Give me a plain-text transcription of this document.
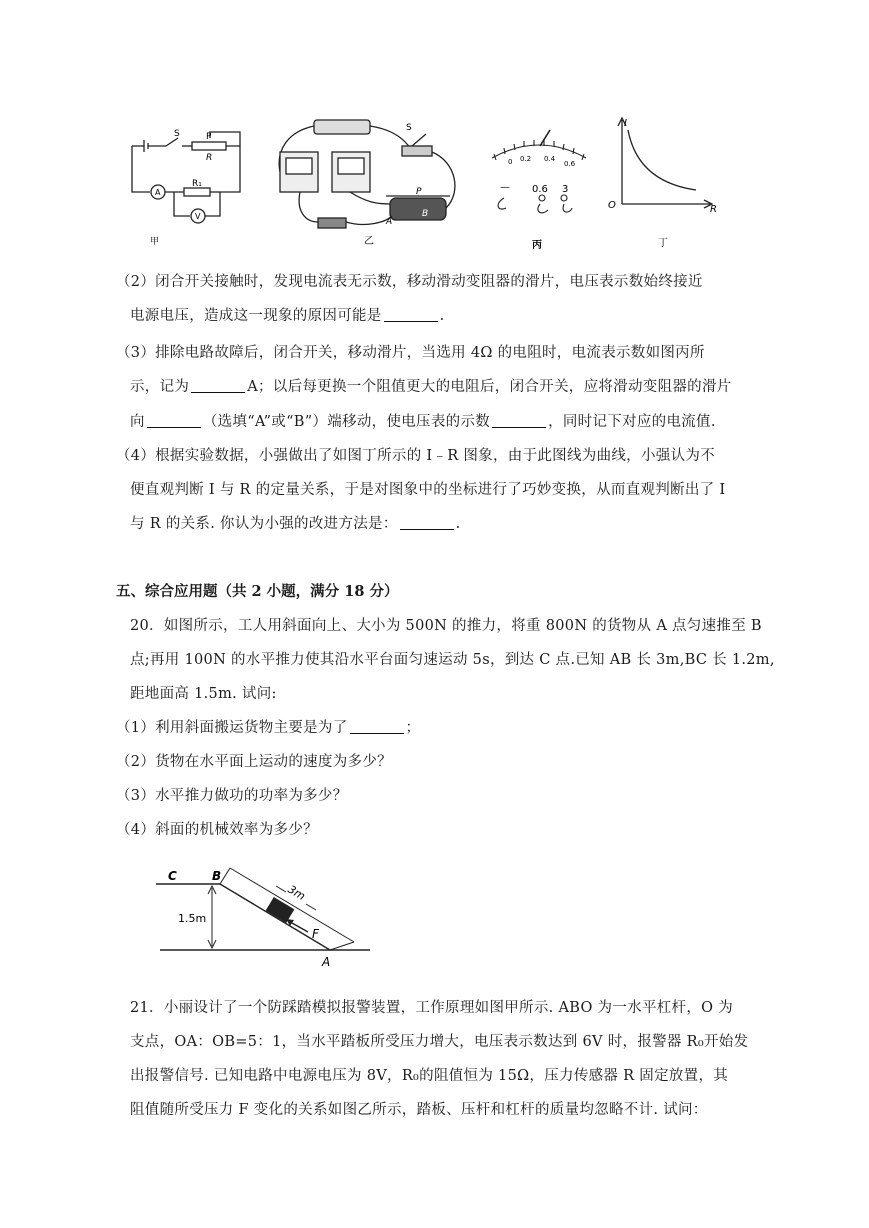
P
S
R
R₁
A
V
甲
S
P
A
B
乙
0 0.2 0.4
0.6
— 0.6 3
丙
I
R
O
丁
（2）闭合开关接触时，发现电流表无示数，移动滑动变阻器的滑片，电压表示数始终接近
电源电压，造成这一现象的原因可能是	.
（3）排除电路故障后，闭合开关，移动滑片，当选用 4Ω 的电阻时，电流表示数如图丙所
示，记为	A；以后每更换一个阻值更大的电阻后，闭合开关，应将滑动变阻器的滑片
向	（选填“A”或“B”）端移动，使电压表的示数	，同时记下对应的电流值.
（4）根据实验数据，小强做出了如图丁所示的 I﹣R 图象，由于此图线为曲线，小强认为不
便直观判断 I 与 R 的定量关系，于是对图象中的坐标进行了巧妙变换，从而直观判断出了 I
与 R 的关系. 你认为小强的改进方法是：	.
五、综合应用题（共 2 小题，满分 18 分）
20．如图所示，工人用斜面向上、大小为 500N 的推力，将重 800N 的货物从 A 点匀速推至 B
点;再用 100N 的水平推力使其沿水平台面匀速运动 5s，到达 C 点.已知 AB 长 3m,BC 长 1.2m,
距地面高 1.5m. 试问:
（1）利用斜面搬运货物主要是为了	；
（2）货物在水平面上运动的速度为多少？
（3）水平推力做功的功率为多少？
（4）斜面的机械效率为多少？
C	B
A
F
3m
1.5m
21．小丽设计了一个防踩踏模拟报警装置，工作原理如图甲所示. ABO 为一水平杠杆，O 为
支点，OA：OB=5：1，当水平踏板所受压力增大，电压表示数达到 6V 时，报警器 R₀开始发
出报警信号. 已知电路中电源电压为 8V，R₀的阻值恒为 15Ω，压力传感器 R 固定放置，其
阻值随所受压力 F 变化的关系如图乙所示，踏板、压杆和杠杆的质量均忽略不计. 试问：
